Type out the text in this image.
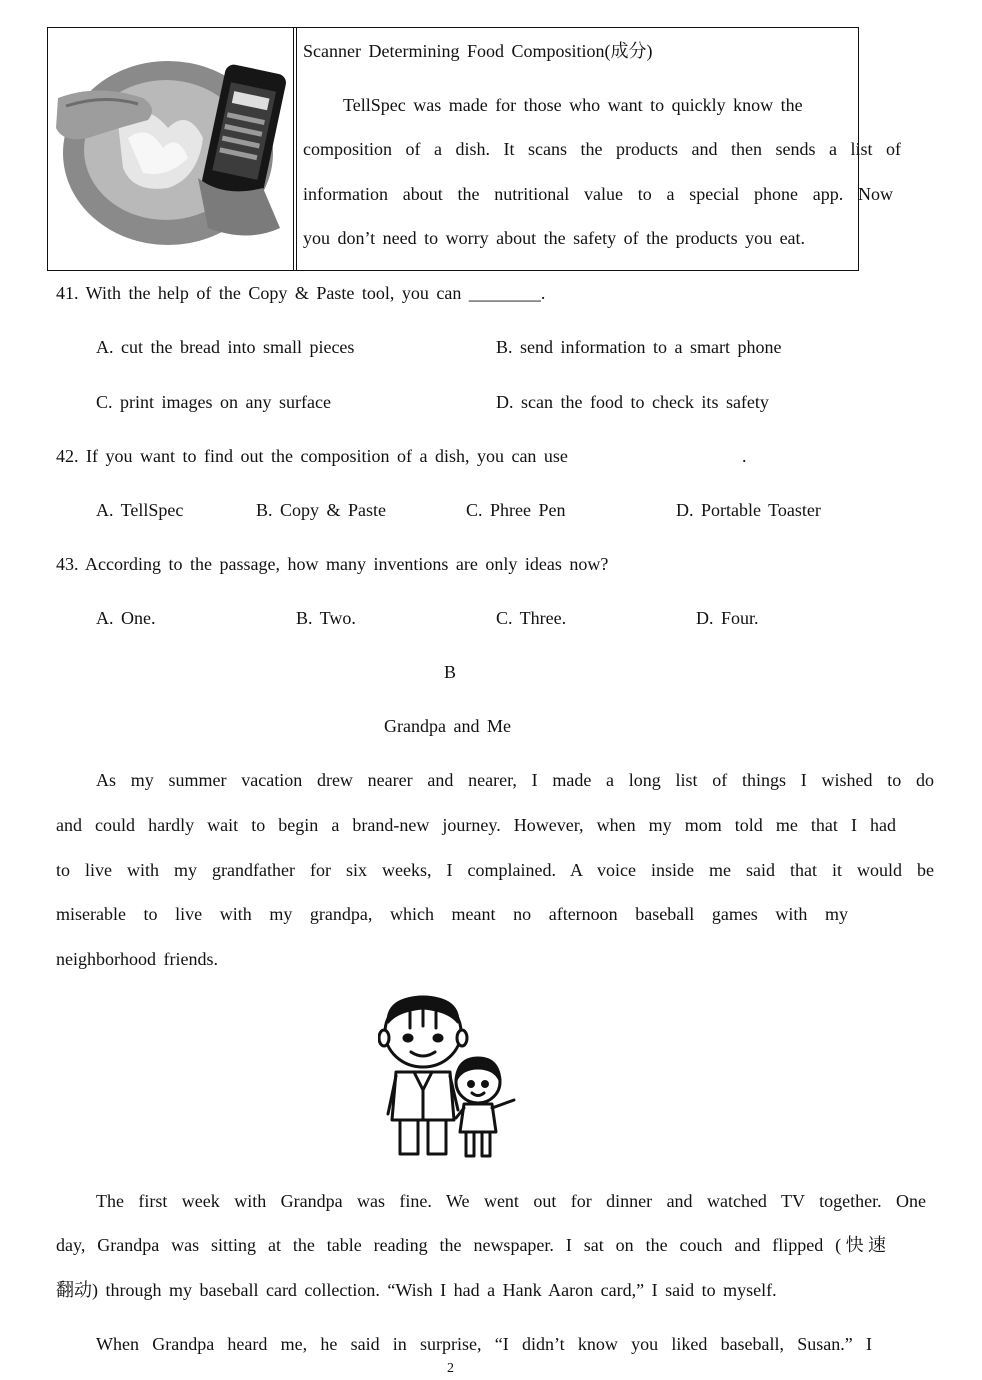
Scanner Determining Food Composition(成分)
TellSpec was made for those who want to quickly know the
composition of a dish. It scans the products and then sends a list of
information about the nutritional value to a special phone app. Now
you don’t need to worry about the safety of the products you eat.
41. With the help of the Copy & Paste tool, you can ________.
A. cut the bread into small pieces	B. send information to a smart phone
C. print images on any surface	D. scan the food to check its safety
42. If you want to find out the composition of a dish, you can use	.
A. TellSpec	B. Copy & Paste	C. Phree Pen	D. Portable Toaster
43. According to the passage, how many inventions are only ideas now?
A. One.	B. Two.	C. Three.	D. Four.
B
Grandpa and Me
As my summer vacation drew nearer and nearer, I made a long list of things I wished to do
and could hardly wait to begin a brand-new journey. However, when my mom told me that I had
to live with my grandfather for six weeks, I complained. A voice inside me said that it would be
miserable to live with my grandpa, which meant no afternoon baseball games with my
neighborhood friends.
The first week with Grandpa was fine. We went out for dinner and watched TV together. One
day, Grandpa was sitting at the table reading the newspaper. I sat on the couch and flipped (快速
翻动) through my baseball card collection. “Wish I had a Hank Aaron card,” I said to myself.
When Grandpa heard me, he said in surprise, “I didn’t know you liked baseball, Susan.” I
2
